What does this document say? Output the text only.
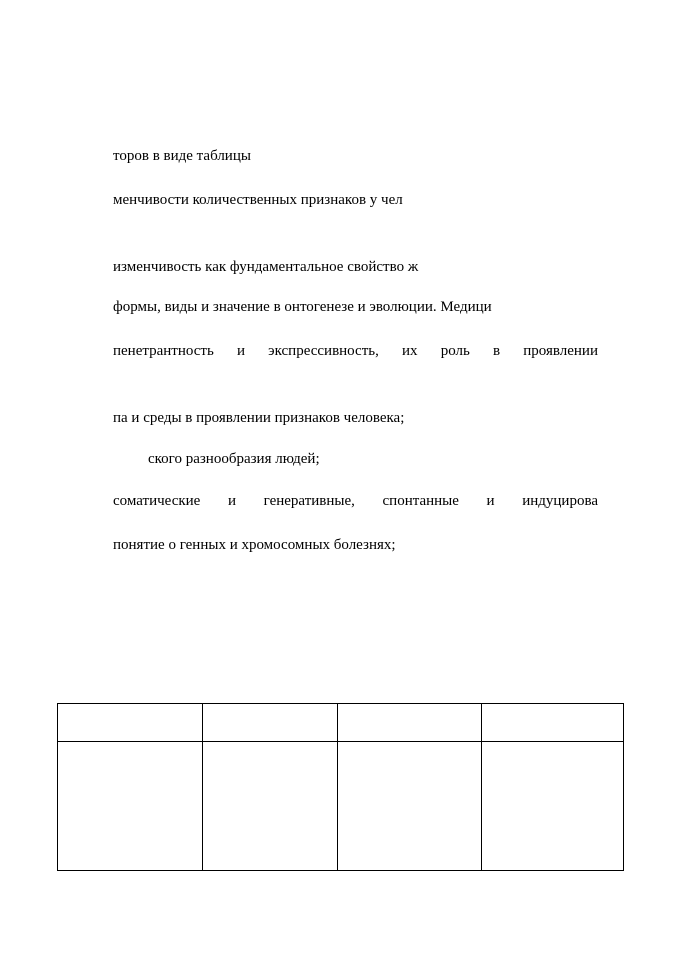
торов в виде таблицы
менчивости количественных признаков у чел
изменчивость как фундаментальное свойство ж
формы, виды и значение в онтогенезе и эволюции. Медици
пенетрантность и экспрессивность, их роль в проявлении
па и среды в проявлении признаков человека;
ского разнообразия людей;
соматические и генеративные, спонтанные и индуцирова
понятие о генных и хромосомных болезнях;
